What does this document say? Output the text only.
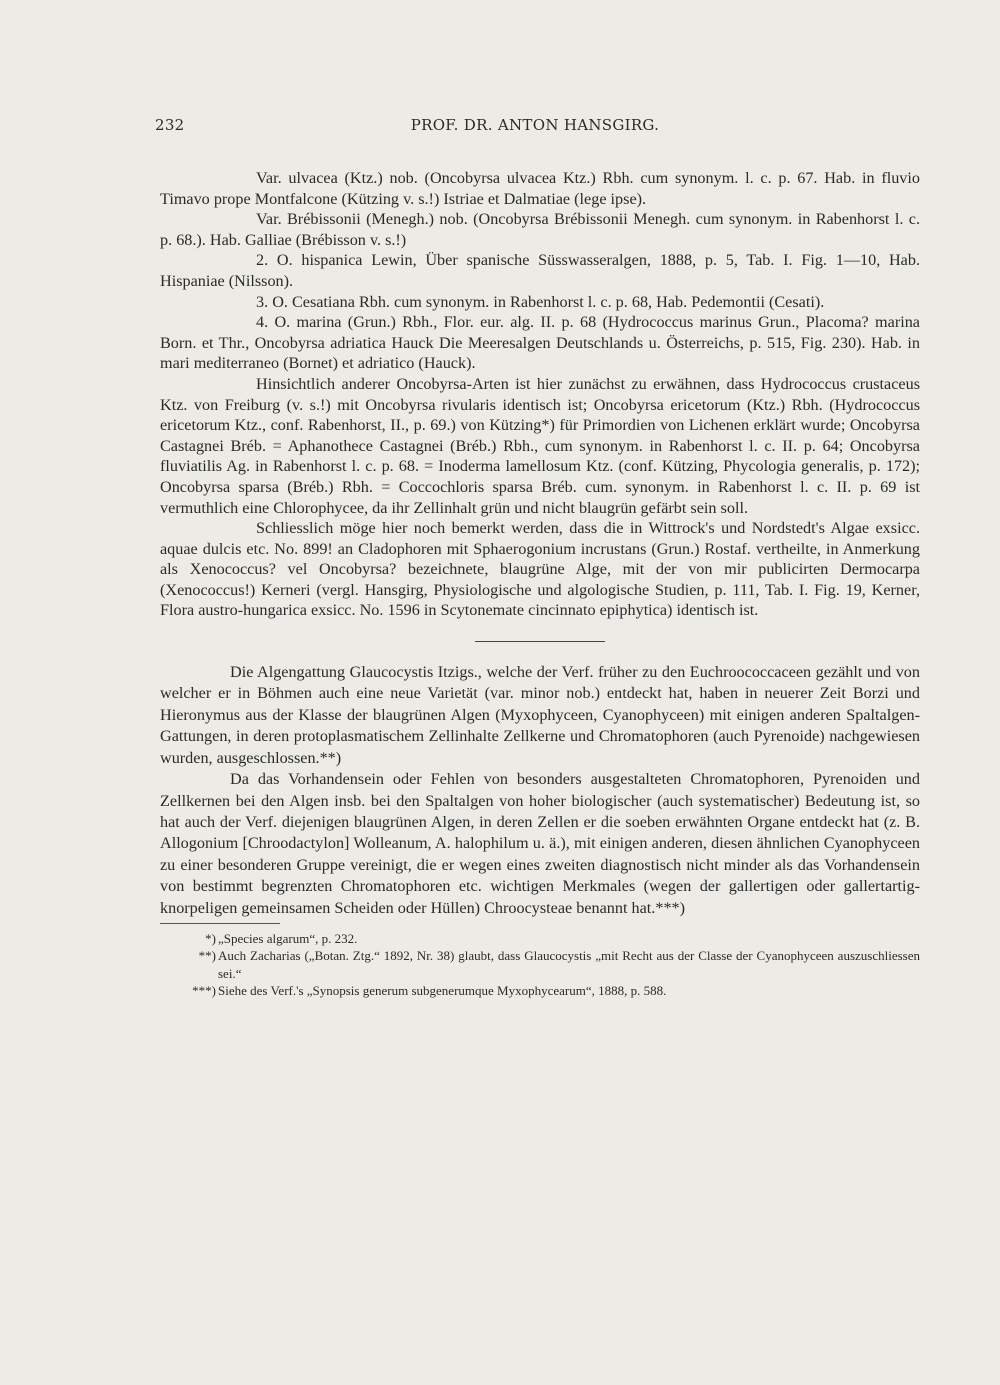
232	PROF. DR. ANTON HANSGIRG.

Var. ulvacea (Ktz.) nob. (Oncobyrsa ulvacea Ktz.) Rbh. cum synonym. l. c. p. 67. Hab. in fluvio Timavo prope Montfalcone (Kützing v. s.!) Istriae et Dalmatiae (lege ipse).

Var. Brébissonii (Menegh.) nob. (Oncobyrsa Brébissonii Menegh. cum synonym. in Rabenhorst l. c. p. 68.). Hab. Galliae (Brébisson v. s.!)

2. O. hispanica Lewin, Über spanische Süsswasseralgen, 1888, p. 5, Tab. I. Fig. 1—10, Hab. Hispaniae (Nilsson).

3. O. Cesatiana Rbh. cum synonym. in Rabenhorst l. c. p. 68, Hab. Pedemontii (Cesati).

4. O. marina (Grun.) Rbh., Flor. eur. alg. II. p. 68 (Hydrococcus marinus Grun., Placoma? marina Born. et Thr., Oncobyrsa adriatica Hauck Die Meeresalgen Deutschlands u. Österreichs, p. 515, Fig. 230). Hab. in mari mediterraneo (Bornet) et adriatico (Hauck).

Hinsichtlich anderer Oncobyrsa-Arten ist hier zunächst zu erwähnen, dass Hydrococcus crustaceus Ktz. von Freiburg (v. s.!) mit Oncobyrsa rivularis identisch ist; Oncobyrsa ericetorum (Ktz.) Rbh. (Hydrococcus ericetorum Ktz., conf. Rabenhorst, II., p. 69.) von Kützing*) für Primordien von Lichenen erklärt wurde; Oncobyrsa Castagnei Bréb. = Aphanothece Castagnei (Bréb.) Rbh., cum synonym. in Rabenhorst l. c. II. p. 64; Oncobyrsa fluviatilis Ag. in Rabenhorst l. c. p. 68. = Inoderma lamellosum Ktz. (conf. Kützing, Phycologia generalis, p. 172); Oncobyrsa sparsa (Bréb.) Rbh. = Coccochloris sparsa Bréb. cum. synonym. in Rabenhorst l. c. II. p. 69 ist vermuthlich eine Chlorophycee, da ihr Zellinhalt grün und nicht blaugrün gefärbt sein soll.

Schliesslich möge hier noch bemerkt werden, dass die in Wittrock's und Nordstedt's Algae exsicc. aquae dulcis etc. No. 899! an Cladophoren mit Sphaerogonium incrustans (Grun.) Rostaf. vertheilte, in Anmerkung als Xenococcus? vel Oncobyrsa? bezeichnete, blaugrüne Alge, mit der von mir publicirten Dermocarpa (Xenococcus!) Kerneri (vergl. Hansgirg, Physiologische und algologische Studien, p. 111, Tab. I. Fig. 19, Kerner, Flora austro-hungarica exsicc. No. 1596 in Scytonemate cincinnato epiphytica) identisch ist.

Die Algengattung Glaucocystis Itzigs., welche der Verf. früher zu den Euchroococcaceen gezählt und von welcher er in Böhmen auch eine neue Varietät (var. minor nob.) entdeckt hat, haben in neuerer Zeit Borzi und Hieronymus aus der Klasse der blaugrünen Algen (Myxophyceen, Cyanophyceen) mit einigen anderen Spaltalgen-Gattungen, in deren protoplasmatischem Zellinhalte Zellkerne und Chromatophoren (auch Pyrenoide) nachgewiesen wurden, ausgeschlossen.**)

Da das Vorhandensein oder Fehlen von besonders ausgestalteten Chromatophoren, Pyrenoiden und Zellkernen bei den Algen insb. bei den Spaltalgen von hoher biologischer (auch systematischer) Bedeutung ist, so hat auch der Verf. diejenigen blaugrünen Algen, in deren Zellen er die soeben erwähnten Organe entdeckt hat (z. B. Allogonium [Chroodactylon] Wolleanum, A. halophilum u. ä.), mit einigen anderen, diesen ähnlichen Cyanophyceen zu einer besonderen Gruppe vereinigt, die er wegen eines zweiten diagnostisch nicht minder als das Vorhandensein von bestimmt begrenzten Chromatophoren etc. wichtigen Merkmales (wegen der gallertigen oder gallertartig-knorpeligen gemeinsamen Scheiden oder Hüllen) Chroocysteae benannt hat.***)

*) „Species algarum“, p. 232.
**) Auch Zacharias („Botan. Ztg.“ 1892, Nr. 38) glaubt, dass Glaucocystis „mit Recht aus der Classe der Cyanophyceen auszuschliessen sei.“
***) Siehe des Verf.'s „Synopsis generum subgenerumque Myxophycearum“, 1888, p. 588.
